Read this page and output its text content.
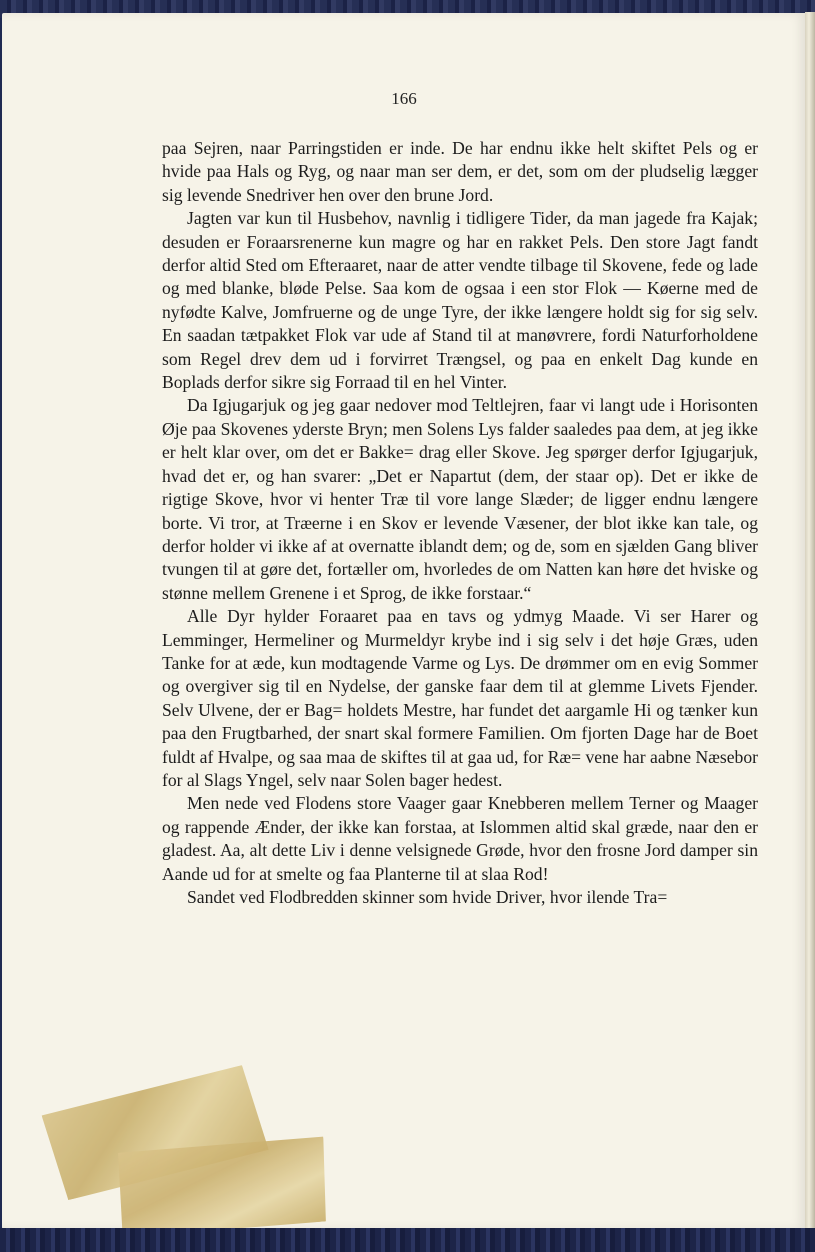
166

paa Sejren, naar Parringstiden er inde. De har endnu ikke helt skiftet Pels og er hvide paa Hals og Ryg, og naar man ser dem, er det, som om der pludselig lægger sig levende Snedriver hen over den brune Jord.

Jagten var kun til Husbehov, navnlig i tidligere Tider, da man jagede fra Kajak; desuden er Foraarsrenerne kun magre og har en rakket Pels. Den store Jagt fandt derfor altid Sted om Efteraaret, naar de atter vendte tilbage til Skovene, fede og lade og med blanke, bløde Pelse. Saa kom de ogsaa i een stor Flok — Køerne med de nyfødte Kalve, Jomfruerne og de unge Tyre, der ikke længere holdt sig for sig selv. En saadan tætpakket Flok var ude af Stand til at manøvrere, fordi Naturforholdene som Regel drev dem ud i forvirret Trængsel, og paa en enkelt Dag kunde en Boplads derfor sikre sig Forraad til en hel Vinter.

Da Igjugarjuk og jeg gaar nedover mod Teltlejren, faar vi langt ude i Horisonten Øje paa Skovenes yderste Bryn; men Solens Lys falder saaledes paa dem, at jeg ikke er helt klar over, om det er Bakke= drag eller Skove. Jeg spørger derfor Igjugarjuk, hvad det er, og han svarer: „Det er Napartut (dem, der staar op). Det er ikke de rigtige Skove, hvor vi henter Træ til vore lange Slæder; de ligger endnu længere borte. Vi tror, at Træerne i en Skov er levende Væsener, der blot ikke kan tale, og derfor holder vi ikke af at overnatte iblandt dem; og de, som en sjælden Gang bliver tvungen til at gøre det, fortæller om, hvorledes de om Natten kan høre det hviske og stønne mellem Grenene i et Sprog, de ikke forstaar.“

Alle Dyr hylder Foraaret paa en tavs og ydmyg Maade. Vi ser Harer og Lemminger, Hermeliner og Murmeldyr krybe ind i sig selv i det høje Græs, uden Tanke for at æde, kun modtagende Varme og Lys. De drømmer om en evig Sommer og overgiver sig til en Nydelse, der ganske faar dem til at glemme Livets Fjender. Selv Ulvene, der er Bag= holdets Mestre, har fundet det aargamle Hi og tænker kun paa den Frugtbarhed, der snart skal formere Familien. Om fjorten Dage har de Boet fuldt af Hvalpe, og saa maa de skiftes til at gaa ud, for Ræ= vene har aabne Næsebor for al Slags Yngel, selv naar Solen bager hedest.

Men nede ved Flodens store Vaager gaar Knebberen mellem Terner og Maager og rappende Ænder, der ikke kan forstaa, at Islommen altid skal græde, naar den er gladest. Aa, alt dette Liv i denne velsignede Grøde, hvor den frosne Jord damper sin Aande ud for at smelte og faa Planterne til at slaa Rod!

Sandet ved Flodbredden skinner som hvide Driver, hvor ilende Tra=
